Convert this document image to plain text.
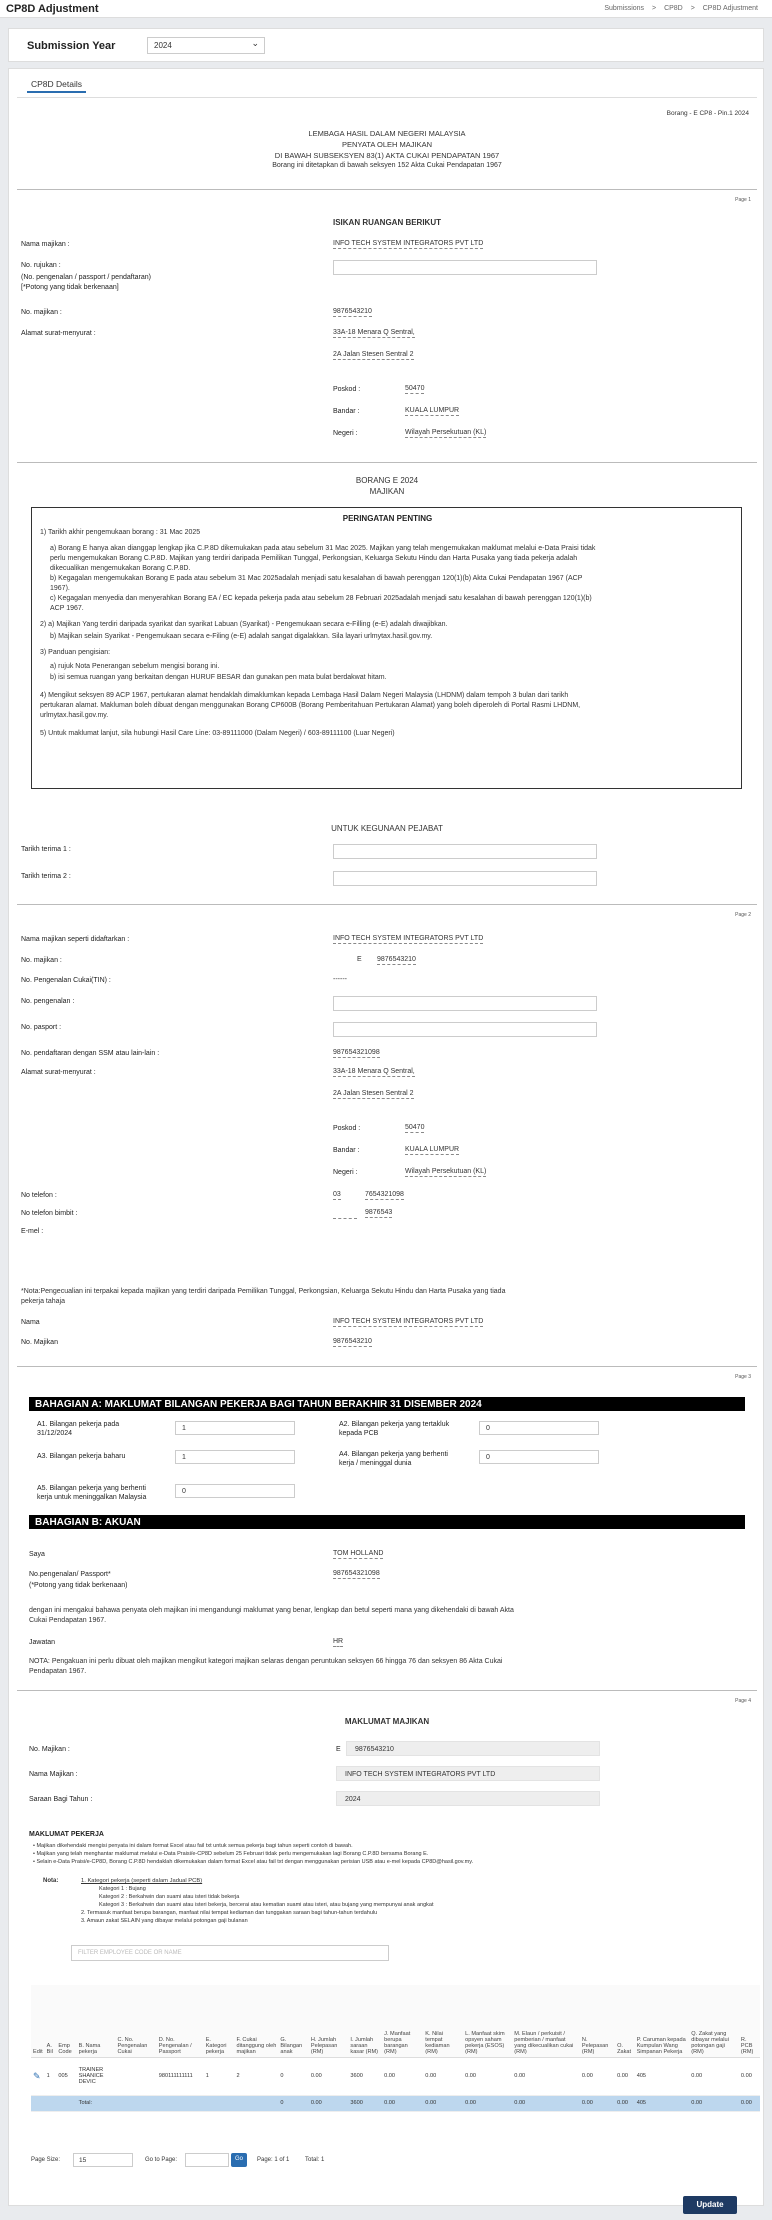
CP8D Adjustment	Submissions > CP8D > CP8D Adjustment
Submission Year	2024 ⌄
CP8D Details
Borang - E CP8 - Pin.1 2024
LEMBAGA HASIL DALAM NEGERI MALAYSIA
PENYATA OLEH MAJIKAN
DI BAWAH SUBSEKSYEN 83(1) AKTA CUKAI PENDAPATAN 1967
Borang ini ditetapkan di bawah seksyen 152 Akta Cukai Pendapatan 1967
Page 1
ISIKAN RUANGAN BERIKUT
Nama majikan :	INFO TECH SYSTEM INTEGRATORS PVT LTD
No. rujukan :
(No. pengenalan / passport / pendaftaran)
[*Potong yang tidak berkenaan]
No. majikan :	9876543210
Alamat surat-menyurat :	33A-18 Menara Q Sentral,
2A Jalan Stesen Sentral 2
Poskod :	50470
Bandar :	KUALA LUMPUR
Negeri :	Wilayah Persekutuan (KL)
BORANG E 2024
MAJIKAN
PERINGATAN PENTING
1) Tarikh akhir pengemukaan borang : 31 Mac 2025
a) Borang E hanya akan dianggap lengkap jika C.P.8D dikemukakan pada atau sebelum 31 Mac 2025. Majikan yang telah mengemukakan maklumat melalui e-Data Praisi tidak
perlu mengemukakan Borang C.P.8D. Majikan yang terdiri daripada Pemilikan Tunggal, Perkongsian, Keluarga Sekutu Hindu dan Harta Pusaka yang tiada pekerja adalah
dikecualikan mengemukakan Borang C.P.8D.
b) Kegagalan mengemukakan Borang E pada atau sebelum 31 Mac 2025adalah menjadi satu kesalahan di bawah perenggan 120(1)(b) Akta Cukai Pendapatan 1967 (ACP
1967).
c) Kegagalan menyedia dan menyerahkan Borang EA / EC kepada pekerja pada atau sebelum 28 Februari 2025adalah menjadi satu kesalahan di bawah perenggan 120(1)(b)
ACP 1967.
2) a) Majikan Yang terdiri daripada syarikat dan syarikat Labuan (Syarikat) - Pengemukaan secara e-Filling (e-E) adalah diwajibkan.
b) Majikan selain Syarikat - Pengemukaan secara e-Filing (e-E) adalah sangat digalakkan. Sila layari urlmytax.hasil.gov.my.
3) Panduan pengisian:
a) rujuk Nota Penerangan sebelum mengisi borang ini.
b) isi semua ruangan yang berkaitan dengan HURUF BESAR dan gunakan pen mata bulat berdakwat hitam.
4) Mengikut seksyen 89 ACP 1967, pertukaran alamat hendaklah dimaklumkan kepada Lembaga Hasil Dalam Negeri Malaysia (LHDNM) dalam tempoh 3 bulan dari tarikh
pertukaran alamat. Makluman boleh dibuat dengan menggunakan Borang CP600B (Borang Pemberitahuan Pertukaran Alamat) yang boleh diperoleh di Portal Rasmi LHDNM,
urlmytax.hasil.gov.my.
5) Untuk maklumat lanjut, sila hubungi Hasil Care Line: 03-89111000 (Dalam Negeri) / 603-89111100 (Luar Negeri)
UNTUK KEGUNAAN PEJABAT
Tarikh terima 1 :
Tarikh terima 2 :
Page 2
Nama majikan seperti didaftarkan :	INFO TECH SYSTEM INTEGRATORS PVT LTD
No. majikan :	E 9876543210
No. Pengenalan Cukai(TIN) :	------
No. pengenalan :
No. pasport :
No. pendaftaran dengan SSM atau lain-lain :	987654321098
Alamat surat-menyurat :	33A-18 Menara Q Sentral,
2A Jalan Stesen Sentral 2
Poskod :	50470
Bandar :	KUALA LUMPUR
Negeri :	Wilayah Persekutuan (KL)
No telefon :	03	7654321098
No telefon bimbit :	9876543
E-mel :
*Nota:Pengecualian ini terpakai kepada majikan yang terdiri daripada Pemilikan Tunggal, Perkongsian, Keluarga Sekutu Hindu dan Harta Pusaka yang tiada
pekerja tahaja
Nama	INFO TECH SYSTEM INTEGRATORS PVT LTD
No. Majikan	9876543210
Page 3
BAHAGIAN A: MAKLUMAT BILANGAN PEKERJA BAGI TAHUN BERAKHIR 31 DISEMBER 2024
A1. Bilangan pekerja pada
31/12/2024
1
A2. Bilangan pekerja yang tertakluk
kepada PCB
0
A3. Bilangan pekerja baharu	1	A4. Bilangan pekerja yang berhenti
kerja / meninggal dunia
0
A5. Bilangan pekerja yang berhenti
kerja untuk meninggalkan Malaysia
0
BAHAGIAN B: AKUAN
Saya	TOM HOLLAND
No.pengenalan/ Passport*	987654321098
(*Potong yang tidak berkenaan)
dengan ini mengakui bahawa penyata oleh majikan ini mengandungi maklumat yang benar, lengkap dan betul seperti mana yang dikehendaki di bawah Akta
Cukai Pendapatan 1967.
Jawatan	HR
NOTA: Pengakuan ini perlu dibuat oleh majikan mengikut kategori majikan selaras dengan peruntukan seksyen 66 hingga 76 dan seksyen 86 Akta Cukai
Pendapatan 1967.
Page 4
MAKLUMAT MAJIKAN
No. Majikan :	E	9876543210
Nama Majikan :	INFO TECH SYSTEM INTEGRATORS PVT LTD
Saraan Bagi Tahun :	2024
MAKLUMAT PEKERJA
• Majikan dikehendaki mengisi penyata ini dalam format Excel atau fail txt untuk semua pekerja bagi tahun seperti contoh di bawah.
• Majikan yang telah menghantar maklumat melalui e-Data Praisi/e-CP8D sebelum 25 Februari tidak perlu mengemukakan lagi Borang C.P.8D bersama Borang E.
• Selain e-Data Praisi/e-CP8D, Borang C.P.8D hendaklah dikemukakan dalam format Excel atau fail txt dengan menggunakan perisian USB atau e-mel kepada CP8D@hasil.gov.my.
Nota:	1. Kategori pekerja (seperti dalam Jadual PCB)
Kategori 1 : Bujang
Kategori 2 : Berkahwin dan suami atau isteri tidak bekerja
Kategori 3 : Berkahwin dan suami atau isteri bekerja, bercerai atau kematian suami atau isteri, atau bujang yang mempunyai anak angkat
2. Termasuk manfaat berupa barangan, manfaat nilai tempat kediaman dan tunggakan saraan bagi tahun-tahun terdahulu
3. Amaun zakat SELAIN yang dibayar melalui potongan gaji bulanan
FILTER EMPLOYEE CODE OR NAME
Edit	A. Bil	Emp Code	B. Nama pekerja	C. No. Pengenalan Cukai	D. No. Pengenalan / Passport	E. Kategori pekerja	F. Cukai ditanggung oleh majikan	G. Bilangan anak	H. Jumlah Pelepasan (RM)	I. Jumlah saraan kasar (RM)	J. Manfaat berupa barangan (RM)	K. Nilai tempat kediaman (RM)	L. Manfaat skim opsyen saham pekerja (ESOS) (RM)	M. Elaun / perkuisit / pemberian / manfaat yang dikecualikan cukai (RM)	N. Pelepasan (RM)	O. Zakat	P. Caruman kepada Kumpulan Wang Simpanan Pekerja	Q. Zakat yang dibayar melalui potongan gaji (RM)	R. PCB (RM)
✎	1	005	TRAINER SHANICE DEVIC		980111111111	1	2	0	0.00	3600	0.00	0.00	0.00	0.00	0.00	0.00	405	0.00	0.00
			Total:					0	0.00	3600	0.00	0.00	0.00	0.00	0.00	0.00	405	0.00	0.00
Page Size:	15	Go to Page:	Go	Page: 1 of 1	Total: 1
Update
